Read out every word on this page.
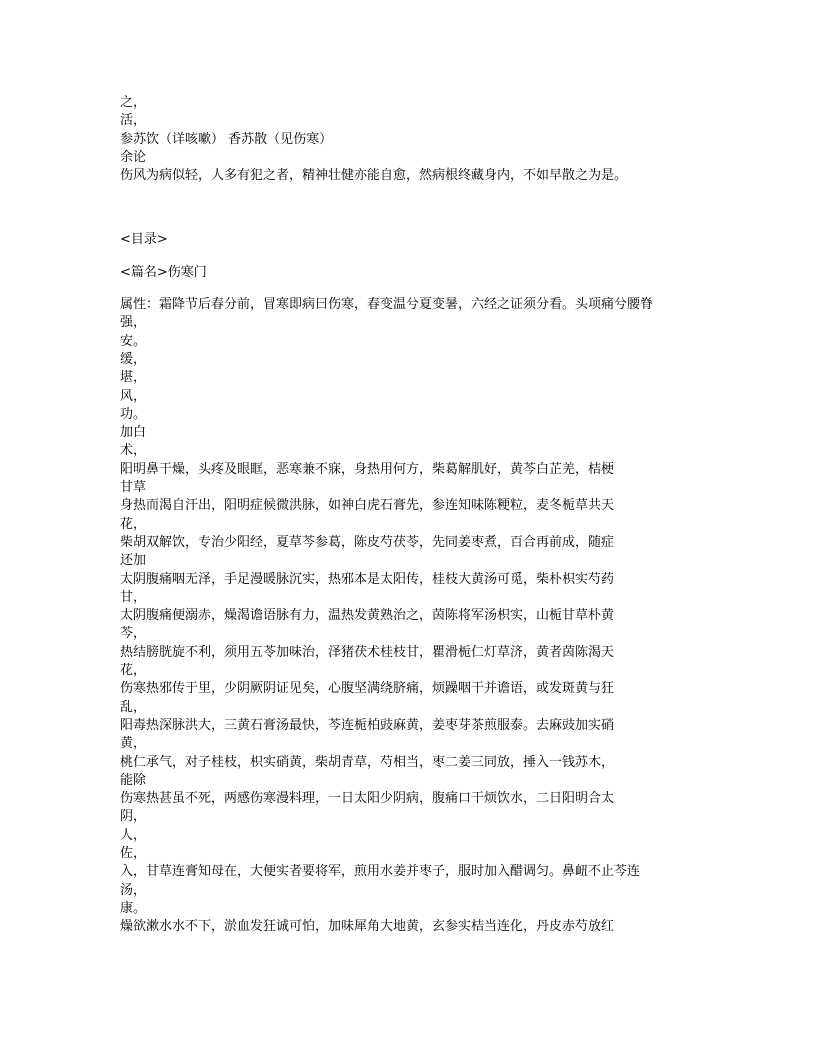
之，
活，
参苏饮（详咳嗽） 香苏散（见伤寒）
余论
伤风为病似轻，人多有犯之者，精神壮健亦能自愈，然病根终藏身内，不如早散之为是。
<目录>
<篇名>伤寒门
属性：霜降节后春分前，冒寒即病曰伤寒，春变温兮夏变暑，六经之证须分看。头项痛兮腰脊
强，
安。
缓，
堪，
风，
功。
加白
术，
阳明鼻干燥，头疼及眼眶，恶寒兼不寐，身热用何方，柴葛解肌好，黄芩白芷羌，桔梗
甘草
身热而渴自汗出，阳明症候微洪脉，如神白虎石膏先，参连知味陈粳粒，麦冬栀草共天
花，
柴胡双解饮，专治少阳经，夏草芩参葛，陈皮芍茯苓，先同姜枣煮，百合再前成，随症
还加
太阴腹痛咽无泽，手足漫暖脉沉实，热邪本是太阳传，桂枝大黄汤可觅，柴朴枳实芍药
甘，
太阴腹痛便溺赤，燥渴谵语脉有力，温热发黄熟治之，茵陈将军汤枳实，山栀甘草朴黄
芩，
热结膀胱旋不利，须用五苓加味治，泽猪茯术桂枝甘，瞿滑栀仁灯草济，黄者茵陈渴天
花，
伤寒热邪传于里，少阴厥阴证见矣，心腹坚满绕脐痛，烦躁咽干并谵语，或发斑黄与狂
乱，
阳毒热深脉洪大，三黄石膏汤最快，芩连栀柏豉麻黄，姜枣芽茶煎服泰。去麻豉加实硝
黄，
桃仁承气，对子桂枝，枳实硝黄，柴胡青草，芍相当，枣二姜三同放，捶入一钱苏木，
能除
伤寒热甚虽不死，两感伤寒漫料理，一日太阳少阴病，腹痛口干烦饮水，二日阳明合太
阴，
人，
佐，
入，甘草连膏知母在，大便实者要将军，煎用水姜并枣子，服时加入醋调匀。鼻衄不止芩连
汤，
康。
燥欲漱水水不下，淤血发狂诚可怕，加味犀角大地黄，玄参实桔当连化，丹皮赤芍放红
